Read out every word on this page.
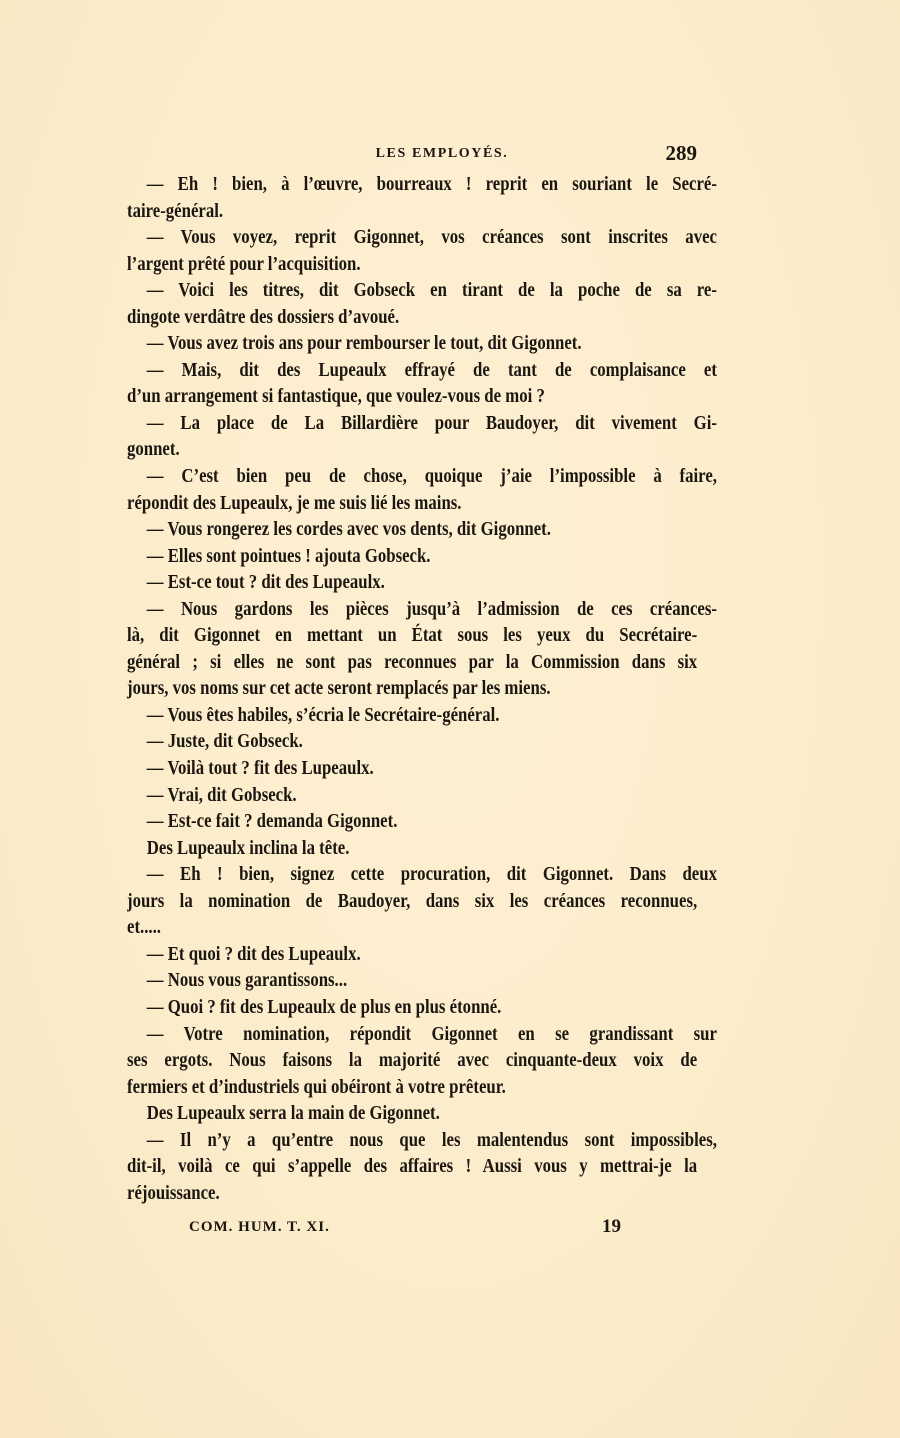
LES EMPLOYÉS.	289
— Eh ! bien, à l’œuvre, bourreaux ! reprit en souriant le Secré-
taire-général.
— Vous voyez, reprit Gigonnet, vos créances sont inscrites avec
l’argent prêté pour l’acquisition.
— Voici les titres, dit Gobseck en tirant de la poche de sa re-
dingote verdâtre des dossiers d’avoué.
— Vous avez trois ans pour rembourser le tout, dit Gigonnet.
— Mais, dit des Lupeaulx effrayé de tant de complaisance et
d’un arrangement si fantastique, que voulez-vous de moi ?
— La place de La Billardière pour Baudoyer, dit vivement Gi-
gonnet.
— C’est bien peu de chose, quoique j’aie l’impossible à faire,
répondit des Lupeaulx, je me suis lié les mains.
— Vous rongerez les cordes avec vos dents, dit Gigonnet.
— Elles sont pointues ! ajouta Gobseck.
— Est-ce tout ? dit des Lupeaulx.
— Nous gardons les pièces jusqu’à l’admission de ces créances-
là, dit Gigonnet en mettant un État sous les yeux du Secrétaire-
général ; si elles ne sont pas reconnues par la Commission dans six
jours, vos noms sur cet acte seront remplacés par les miens.
— Vous êtes habiles, s’écria le Secrétaire-général.
— Juste, dit Gobseck.
— Voilà tout ? fit des Lupeaulx.
— Vrai, dit Gobseck.
— Est-ce fait ? demanda Gigonnet.
Des Lupeaulx inclina la tête.
— Eh ! bien, signez cette procuration, dit Gigonnet. Dans deux
jours la nomination de Baudoyer, dans six les créances reconnues,
et.....
— Et quoi ? dit des Lupeaulx.
— Nous vous garantissons...
— Quoi ? fit des Lupeaulx de plus en plus étonné.
— Votre nomination, répondit Gigonnet en se grandissant sur
ses ergots. Nous faisons la majorité avec cinquante-deux voix de
fermiers et d’industriels qui obéiront à votre prêteur.
Des Lupeaulx serra la main de Gigonnet.
— Il n’y a qu’entre nous que les malentendus sont impossibles,
dit-il, voilà ce qui s’appelle des affaires ! Aussi vous y mettrai-je la
réjouissance.
COM. HUM. T. XI.	19
